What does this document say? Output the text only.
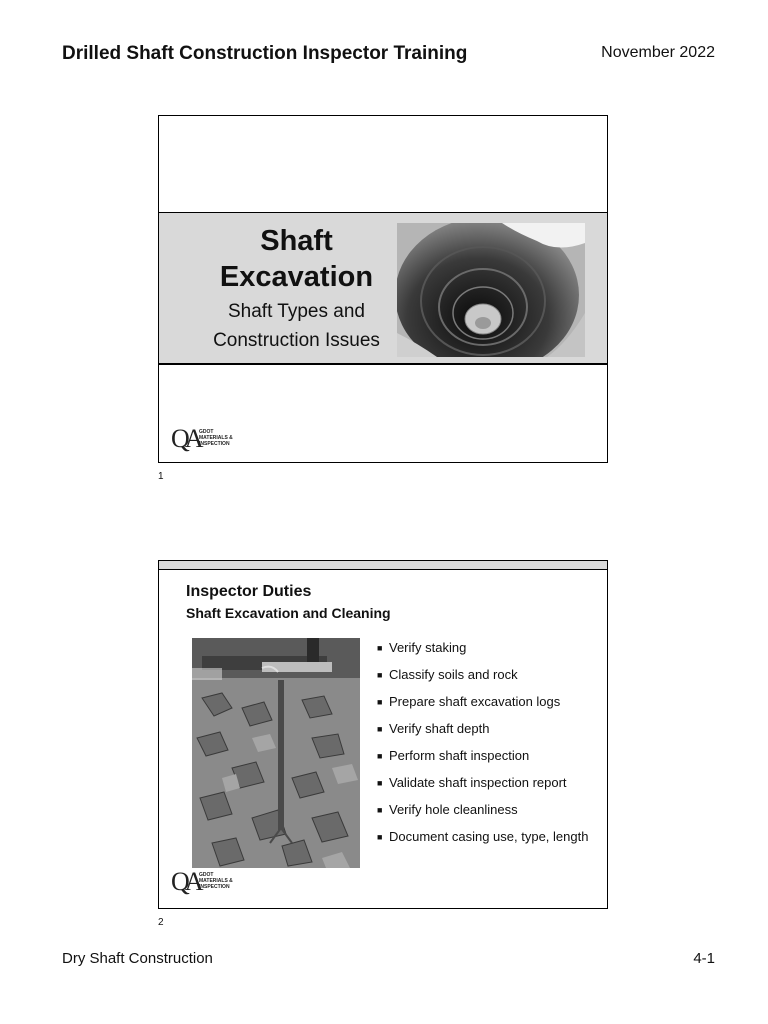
Drilled Shaft Construction Inspector Training	November 2022
Shaft
Excavation
Shaft Types and
Construction Issues
QA GDOT
MATERIALS &
INSPECTION
1
Inspector Duties
Shaft Excavation and Cleaning
■ Verify staking
■ Classify soils and rock
■ Prepare shaft excavation logs
■ Verify shaft depth
■ Perform shaft inspection
■ Validate shaft inspection report
■ Verify hole cleanliness
■ Document casing use, type, length
QA GDOT
MATERIALS &
INSPECTION
2
Dry Shaft Construction	4-1
